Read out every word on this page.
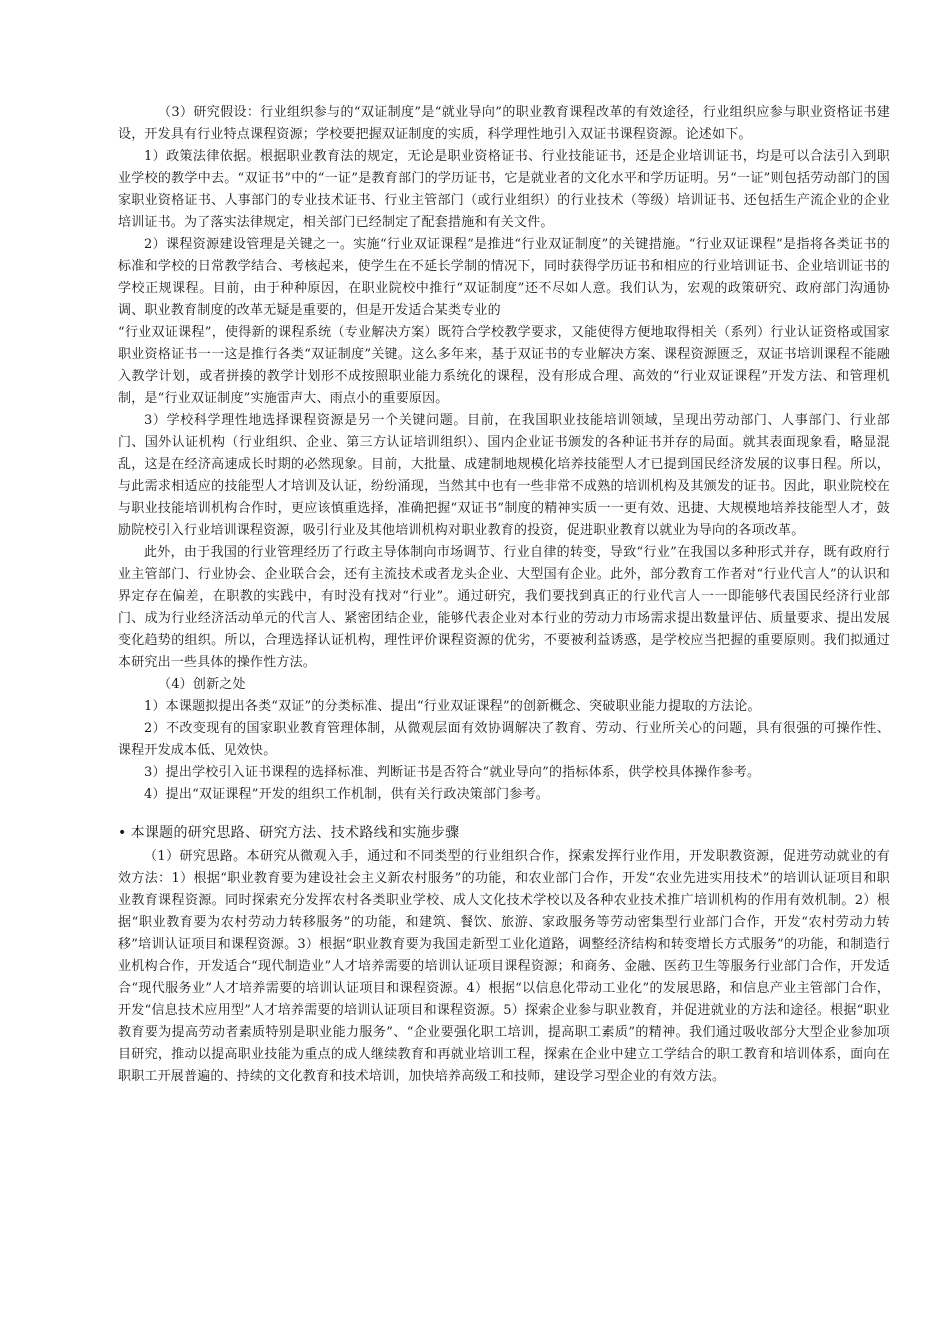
（3）研究假设：行业组织参与的“双证制度”是“就业导向”的职业教育课程改革的有效途径，行业组织应参与职业资格证书建设，开发具有行业特点课程资源；学校要把握双证制度的实质，科学理性地引入双证书课程资源。论述如下。

1）政策法律依据。根据职业教育法的规定，无论是职业资格证书、行业技能证书，还是企业培训证书，均是可以合法引入到职业学校的教学中去。“双证书”中的“一证”是教育部门的学历证书，它是就业者的文化水平和学历证明。另“一证”则包括劳动部门的国家职业资格证书、人事部门的专业技术证书、行业主管部门（或行业组织）的行业技术（等级）培训证书、还包括生产流企业的企业培训证书。为了落实法律规定，相关部门已经制定了配套措施和有关文件。

2）课程资源建设管理是关键之一。实施“行业双证课程”是推进“行业双证制度”的关键措施。“行业双证课程”是指将各类证书的标准和学校的日常教学结合、考核起来，使学生在不延长学制的情况下，同时获得学历证书和相应的行业培训证书、企业培训证书的学校正规课程。目前，由于种种原因，在职业院校中推行“双证制度”还不尽如人意。我们认为，宏观的政策研究、政府部门沟通协调、职业教育制度的改革无疑是重要的，但是开发适合某类专业的

“行业双证课程”，使得新的课程系统（专业解决方案）既符合学校教学要求，又能使得方便地取得相关（系列）行业认证资格或国家职业资格证书一一这是推行各类“双证制度”关键。这么多年来，基于双证书的专业解决方案、课程资源匮乏，双证书培训课程不能融入教学计划，或者拼揍的教学计划形不成按照职业能力系统化的课程，没有形成合理、高效的“行业双证课程”开发方法、和管理机制，是“行业双证制度”实施雷声大、雨点小的重要原因。

3）学校科学理性地选择课程资源是另一个关键问题。目前，在我国职业技能培训领域，呈现出劳动部门、人事部门、行业部门、国外认证机构（行业组织、企业、第三方认证培训组织）、国内企业证书颁发的各种证书并存的局面。就其表面现象看，略显混乱，这是在经济高速成长时期的必然现象。目前，大批量、成建制地规模化培养技能型人才已提到国民经济发展的议事日程。所以，与此需求相适应的技能型人才培训及认证，纷纷涌现，当然其中也有一些非常不成熟的培训机构及其颁发的证书。因此，职业院校在与职业技能培训机构合作时，更应该慎重选择，准确把握“双证书”制度的精神实质一一更有效、迅捷、大规模地培养技能型人才，鼓励院校引入行业培训课程资源，吸引行业及其他培训机构对职业教育的投资，促进职业教育以就业为导向的各项改革。

此外，由于我国的行业管理经历了行政主导体制向市场调节、行业自律的转变，导致“行业”在我国以多种形式并存，既有政府行业主管部门、行业协会、企业联合会，还有主流技术或者龙头企业、大型国有企业。此外，部分教育工作者对“行业代言人”的认识和界定存在偏差，在职教的实践中，有时没有找对“行业”。通过研究，我们要找到真正的行业代言人一一即能够代表国民经济行业部门、成为行业经济活动单元的代言人、紧密团结企业，能够代表企业对本行业的劳动力市场需求提出数量评估、质量要求、提出发展变化趋势的组织。所以，合理选择认证机构，理性评价课程资源的优劣，不要被利益诱惑，是学校应当把握的重要原则。我们拟通过本研究出一些具体的操作性方法。

（4）创新之处

1）本课题拟提出各类“双证”的分类标准、提出“行业双证课程”的创新概念、突破职业能力提取的方法论。

2）不改变现有的国家职业教育管理体制，从微观层面有效协调解决了教育、劳动、行业所关心的问题，具有很强的可操作性、课程开发成本低、见效快。

3）提出学校引入证书课程的选择标准、判断证书是否符合“就业导向”的指标体系，供学校具体操作参考。

4）提出“双证课程”开发的组织工作机制，供有关行政决策部门参考。

• 本课题的研究思路、研究方法、技术路线和实施步骤

（1）研究思路。本研究从微观入手，通过和不同类型的行业组织合作，探索发挥行业作用，开发职教资源，促进劳动就业的有效方法：1）根据“职业教育要为建设社会主义新农村服务”的功能，和农业部门合作，开发“农业先进实用技术”的培训认证项目和职业教育课程资源。同时探索充分发挥农村各类职业学校、成人文化技术学校以及各种农业技术推广培训机构的作用有效机制。2）根据“职业教育要为农村劳动力转移服务”的功能，和建筑、餐饮、旅游、家政服务等劳动密集型行业部门合作，开发“农村劳动力转移”培训认证项目和课程资源。3）根据“职业教育要为我国走新型工业化道路，调整经济结构和转变增长方式服务”的功能，和制造行业机构合作，开发适合“现代制造业”人才培养需要的培训认证项目课程资源；和商务、金融、医药卫生等服务行业部门合作，开发适合“现代服务业”人才培养需要的培训认证项目和课程资源。4）根据“以信息化带动工业化”的发展思路，和信息产业主管部门合作，开发“信息技术应用型”人才培养需要的培训认证项目和课程资源。5）探索企业参与职业教育，并促进就业的方法和途径。根据“职业教育要为提高劳动者素质特别是职业能力服务”、“企业要强化职工培训，提高职工素质”的精神。我们通过吸收部分大型企业参加项目研究，推动以提高职业技能为重点的成人继续教育和再就业培训工程，探索在企业中建立工学结合的职工教育和培训体系，面向在职职工开展普遍的、持续的文化教育和技术培训，加快培养高级工和技师，建设学习型企业的有效方法。
